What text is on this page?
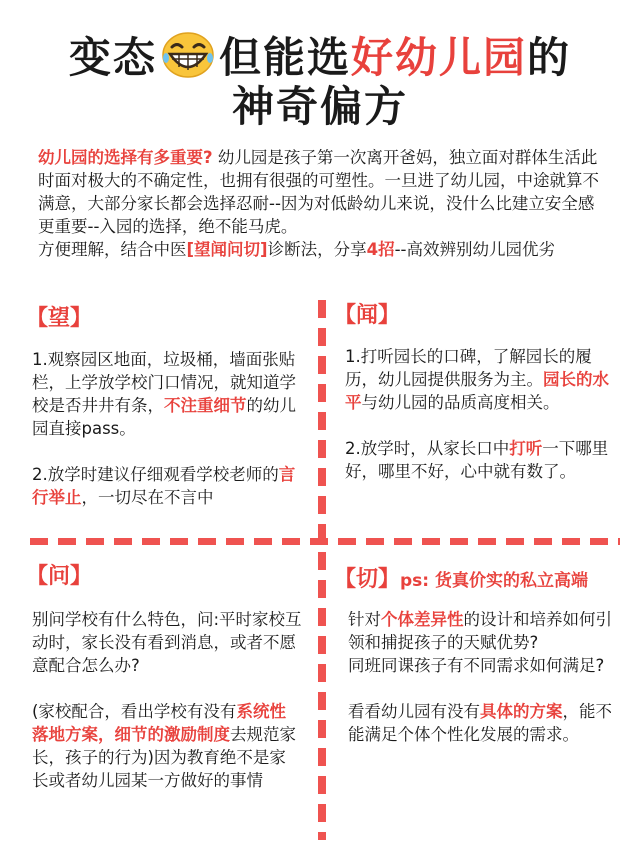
变态 但能选好幼儿园的
神奇偏方

幼儿园的选择有多重要? 幼儿园是孩子第一次离开爸妈，独立面对群体生活此时面对极大的不确定性，也拥有很强的可塑性。一旦进了幼儿园，中途就算不满意，大部分家长都会选择忍耐--因为对低龄幼儿来说，没什么比建立安全感更重要--入园的选择，绝不能马虎。

方便理解，结合中医[望闻问切]诊断法，分享4招--高效辨别幼儿园优劣

【望】

1.观察园区地面，垃圾桶，墙面张贴栏，上学放学校门口情况，就知道学校是否井井有条，不注重细节的幼儿园直接pass。

2.放学时建议仔细观看学校老师的言行举止，一切尽在不言中

【闻】

1.打听园长的口碑，了解园长的履历，幼儿园提供服务为主。园长的水平与幼儿园的品质高度相关。

2.放学时，从家长口中打听一下哪里好，哪里不好，心中就有数了。

【问】

别问学校有什么特色，问:平时家校互动时，家长没有看到消息，或者不愿意配合怎么办?

(家校配合，看出学校有没有系统性落地方案，细节的激励制度去规范家长，孩子的行为)因为教育绝不是家长或者幼儿园某一方做好的事情

【切】ps: 货真价实的私立高端

针对个体差异性的设计和培养如何引领和捕捉孩子的天赋优势?

同班同课孩子有不同需求如何满足?

看看幼儿园有没有具体的方案，能不能满足个体个性化发展的需求。
